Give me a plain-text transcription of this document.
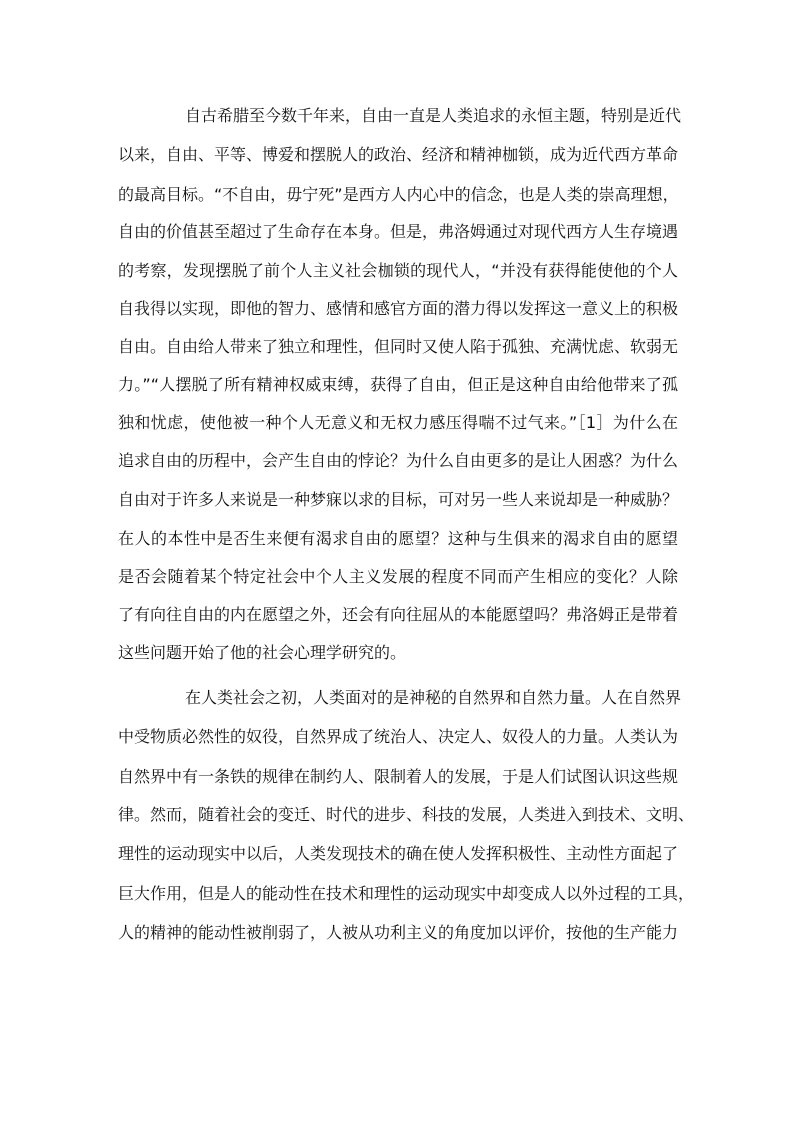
自古希腊至今数千年来，自由一直是人类追求的永恒主题，特别是近代

以来，自由、平等、博爱和摆脱人的政治、经济和精神枷锁，成为近代西方革命

的最高目标。“不自由，毋宁死”是西方人内心中的信念，也是人类的崇高理想，

自由的价值甚至超过了生命存在本身。但是，弗洛姆通过对现代西方人生存境遇

的考察，发现摆脱了前个人主义社会枷锁的现代人，“并没有获得能使他的个人

自我得以实现，即他的智力、感情和感官方面的潜力得以发挥这一意义上的积极

自由。自由给人带来了独立和理性，但同时又使人陷于孤独、充满忧虑、软弱无

力。”“人摆脱了所有精神权威束缚，获得了自由，但正是这种自由给他带来了孤

独和忧虑，使他被一种个人无意义和无权力感压得喘不过气来。”［1］为什么在

追求自由的历程中，会产生自由的悖论？为什么自由更多的是让人困惑？为什么

自由对于许多人来说是一种梦寐以求的目标，可对另一些人来说却是一种威胁？

在人的本性中是否生来便有渴求自由的愿望？这种与生俱来的渴求自由的愿望

是否会随着某个特定社会中个人主义发展的程度不同而产生相应的变化？人除

了有向往自由的内在愿望之外，还会有向往屈从的本能愿望吗？弗洛姆正是带着

这些问题开始了他的社会心理学研究的。

在人类社会之初，人类面对的是神秘的自然界和自然力量。人在自然界

中受物质必然性的奴役，自然界成了统治人、决定人、奴役人的力量。人类认为

自然界中有一条铁的规律在制约人、限制着人的发展，于是人们试图认识这些规

律。然而，随着社会的变迁、时代的进步、科技的发展，人类进入到技术、文明、

理性的运动现实中以后，人类发现技术的确在使人发挥积极性、主动性方面起了

巨大作用，但是人的能动性在技术和理性的运动现实中却变成人以外过程的工具，

人的精神的能动性被削弱了，人被从功利主义的角度加以评价，按他的生产能力
